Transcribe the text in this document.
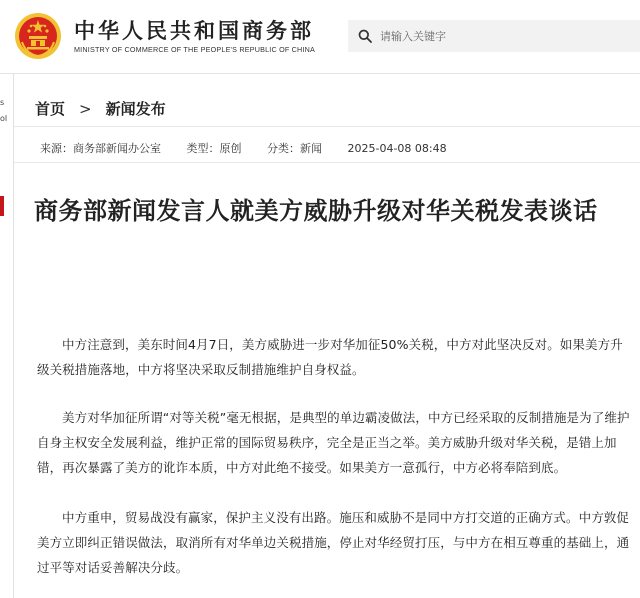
中华人民共和国商务部
MINISTRY OF COMMERCE OF THE PEOPLE'S REPUBLIC OF CHINA
请输入关键字
s
ol
首页 > 新闻发布
来源：商务部新闻办公室 类型：原创 分类：新闻 2025-04-08 08:48
商务部新闻发言人就美方威胁升级对华关税发表谈话

中方注意到，美东时间4月7日，美方威胁进一步对华加征50%关税，中方对此坚决反对。如果美方升级关税措施落地，中方将坚决采取反制措施维护自身权益。

美方对华加征所谓“对等关税”毫无根据，是典型的单边霸凌做法，中方已经采取的反制措施是为了维护自身主权安全发展利益，维护正常的国际贸易秩序，完全是正当之举。美方威胁升级对华关税，是错上加错，再次暴露了美方的讹诈本质，中方对此绝不接受。如果美方一意孤行，中方必将奉陪到底。

中方重申，贸易战没有赢家，保护主义没有出路。施压和威胁不是同中方打交道的正确方式。中方敦促美方立即纠正错误做法，取消所有对华单边关税措施，停止对华经贸打压，与中方在相互尊重的基础上，通过平等对话妥善解决分歧。
